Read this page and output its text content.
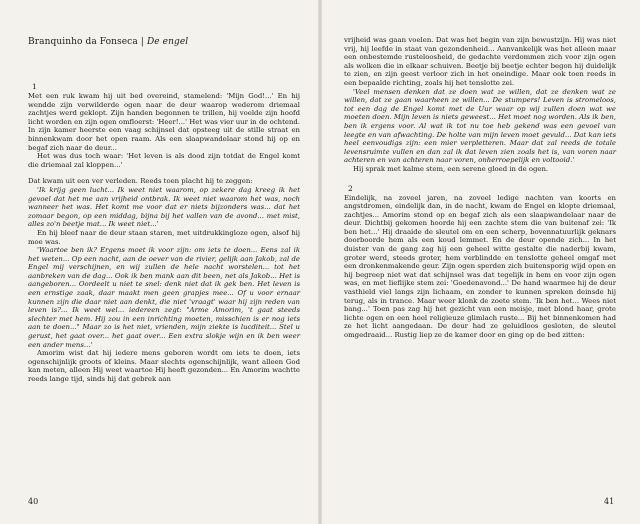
Branquinho da Fonseca | De engel
1

Met een ruk kwam hij uit bed overeind, stamelend: 'Mijn God!...' En hij wendde zijn verwilderde ogen naar de deur waarop wederom driemaal zachtjes werd geklopt. Zijn handen begonnen te trillen, hij voelde zijn hoofd licht worden en zijn ogen omfloerst: 'Heer!...' Het was vier uur in de ochtend. In zijn kamer heerste een vaag schijnsel dat opsteeg uit de stille straat en binnenkwam door het open raam. Als een slaapwandelaar stond hij op en begaf zich naar de deur...

Het was dus toch waar: 'Het leven is als dood zijn totdat de Engel komt die driemaal zal kloppen...'

Dat kwam uit een ver verleden. Reeds toen placht hij te zeggen:

'Ik krijg geen lucht... Ik weet niet waarom, op zekere dag kreeg ik het gevoel dat het me aan vrijheid ontbrak. Ik weet niet waarom het was, noch wanneer het was. Het komt me voor dat er niets bijzonders was... dat het zomaar begon, op een middag, bijna bij het vallen van de avond... met mist, alles zo'n beetje mat... Ik weet niet...'

En hij bleef naar de deur staan staren, met uitdrukkingloze ogen, alsof hij moe was.

'Waartoe ben ik? Ergens moet ik voor zijn: om iets te doen... Eens zal ik het weten... Op een nacht, aan de oever van de rivier, gelijk aan Jakob, zal de Engel mij verschijnen, en wij zullen de hele nacht worstelen... tot het aanbreken van de dag... Ook ik ben mank aan dit been, net als Jakob... Het is aangeboren... Oordeelt u niet te snel: denk niet dat ik gek ben. Het leven is een ernstige zaak, daar maakt men geen grapjes mee... Of u voor ernaar kunnen zijn die daar niet aan denkt, die niet 'vraagt' waar hij zijn reden van leven is?... Ik weet wel... iedereen zegt: "Arme Amorim, 't gaat steeds slechter met hem. Hij zou in een inrichting moeten, misschien is er nog iets aan te doen..." Maar zo is het niet, vrienden, mijn ziekte is lucditeit... Stel u gerust, het gaat over... het gaat over... Een extra slokje wijn en ik ben weer een ander mens...'

Amorim wist dat hij iedere mens geboren wordt om iets te doen, iets ogenschijnlijk groots of kleins. Maar slechts ogenschijnlijk, want alleen God kan meten, alleen Hij weet waartoe Hij heeft gezonden... En Amorim wachtte reeds lange tijd, sinds hij dat gebrek aan

40

vrijheid was gaan voelen. Dat was het begin van zijn bewustzijn. Hij was niet vrij, hij leefde in staat van gezondenheid... Aanvankelijk was het alleen maar een onbestemde rusteloosheid, de gedachte verdommen zich voor zijn ogen als wolken die in elkaar schuiven. Beetje bij beetje echter begon hij duidelijk te zien, en zijn geest verloor zich in het oneindige. Maar ook toen reeds in een bepaalde richting, zoals hij het tenslotte zei.

'Veel mensen denken dat ze doen wat ze willen, dat ze denken wat ze willen, dat ze gaan waarheen ze willen... De stumpers! Leven is stromeloos, tot een dag de Engel komt met de Uur waar op wij zullen doen wat we moeten doen. Mijn leven is niets geweest... Het moet nog worden. Als ik ben, ben ik ergens voor. Al wat ik tot nu toe heb gekend was een gevoel van leegte en van afwachting. De holte van mijn leven moet gevuld... Dat kan iets heel eenvoudigs zijn: een mier verpletteren. Maar dat zal reeds de totale levensruimte vullen en dan zal ik dat leven zien zoals het is, van voren naar achteren en van achteren naar voren, onherroepelijk en voltooid.'

Hij sprak met kalme stem, een serene gloed in de ogen.

2

Eindelijk, na zoveel jaren, na zoveel ledige nachten van koorts en angstdromen, eindelijk dan, in de nacht, kwam de Engel en klopte driemaal, zachtjes... Amorim stond op en begaf zich als een slaapwandelaar naar de deur. Dichtbij gekomen hoorde hij een zachte stem die van buitenaf zei: 'Ik ben het...' Hij draaide de sleutel om en een scherp, bovennatuurlijk geknars doorboorde hem als een koud lemmet. En de deur opende zich... In het duister van de gang zag hij een geheel witte gestalte die naderbij kwam, groter werd, steeds groter, hem verblindde en tenslotte geheel omgaf met een dronkenmakende geur. Zijn ogen sperden zich buitensporig wijd open en hij begreep niet wat dat schijnsel was dat tegelijk in hem en voor zijn ogen was, en met lieflijke stem zei: 'Goedenavond...' De hand waarmee hij de deur vasthield viel langs zijn lichaam, en zonder te kunnen spreken deinsde hij terug, als in trance. Maar weer klonk de zoete stem. 'Ik ben het... Wees niet bang...' Toen pas zag hij het gezicht van een meisje, met blond haar, grote lichte ogen en een heel religieuze glimlach ruste... Bij het binnenkomen had ze het licht aangedaan. De deur had ze geluidloos gesloten, de sleutel omgedraaid... Rustig liep ze de kamer door en ging op de bed zitten:

41
